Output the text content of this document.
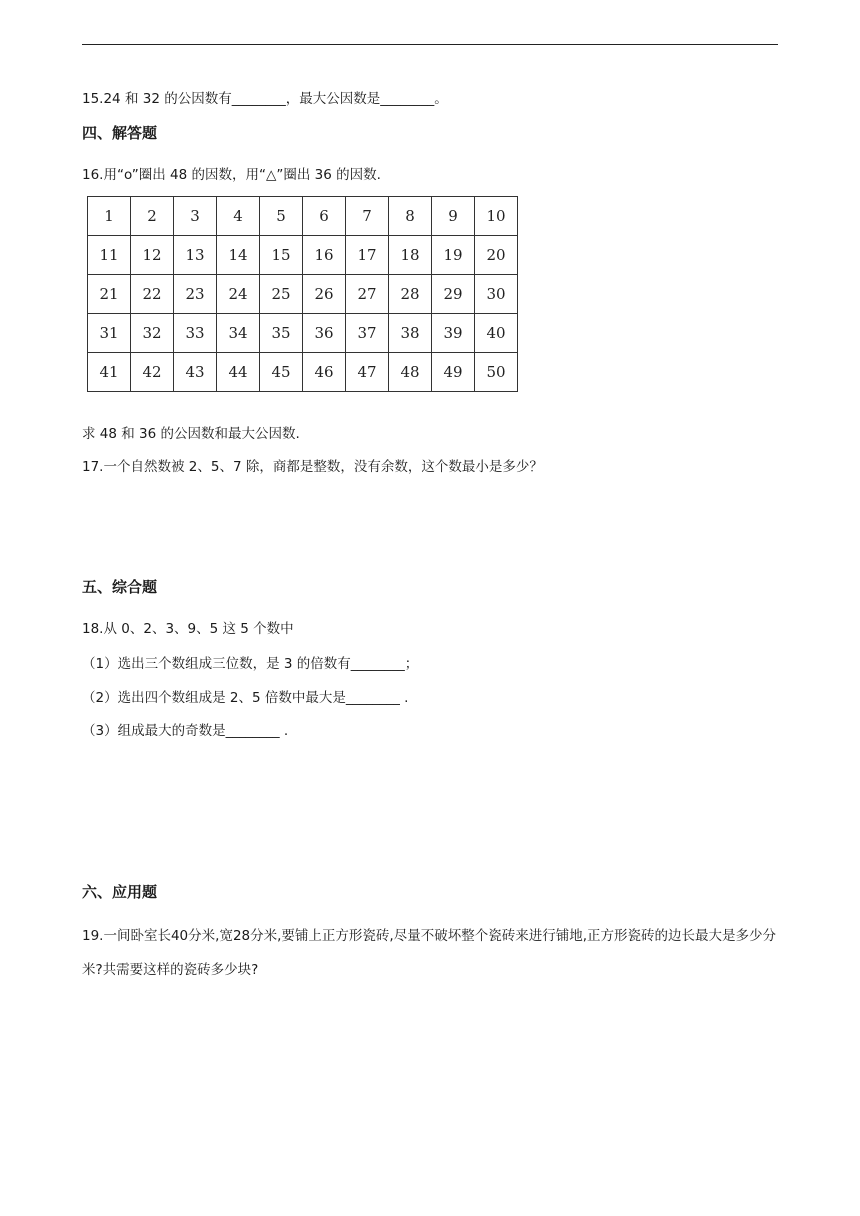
15.24 和 32 的公因数有________，最大公因数是________。
四、解答题
16.用“o”圈出 48 的因数，用“△”圈出 36 的因数.
1	2	3	4	5	6	7	8	9	10
11	12	13	14	15	16	17	18	19	20
21	22	23	24	25	26	27	28	29	30
31	32	33	34	35	36	37	38	39	40
41	42	43	44	45	46	47	48	49	50
求 48 和 36 的公因数和最大公因数.
17.一个自然数被 2、5、7 除，商都是整数，没有余数，这个数最小是多少？
五、综合题
18.从 0、2、3、9、5 这 5 个数中
（1）选出三个数组成三位数，是 3 的倍数有________；
（2）选出四个数组成是 2、5 倍数中最大是________ .
（3）组成最大的奇数是________ .
六、应用题
19.一间卧室长40分米,宽28分米,要铺上正方形瓷砖,尽量不破坏整个瓷砖来进行铺地,正方形瓷砖的边长最大是多少分米?共需要这样的瓷砖多少块?
